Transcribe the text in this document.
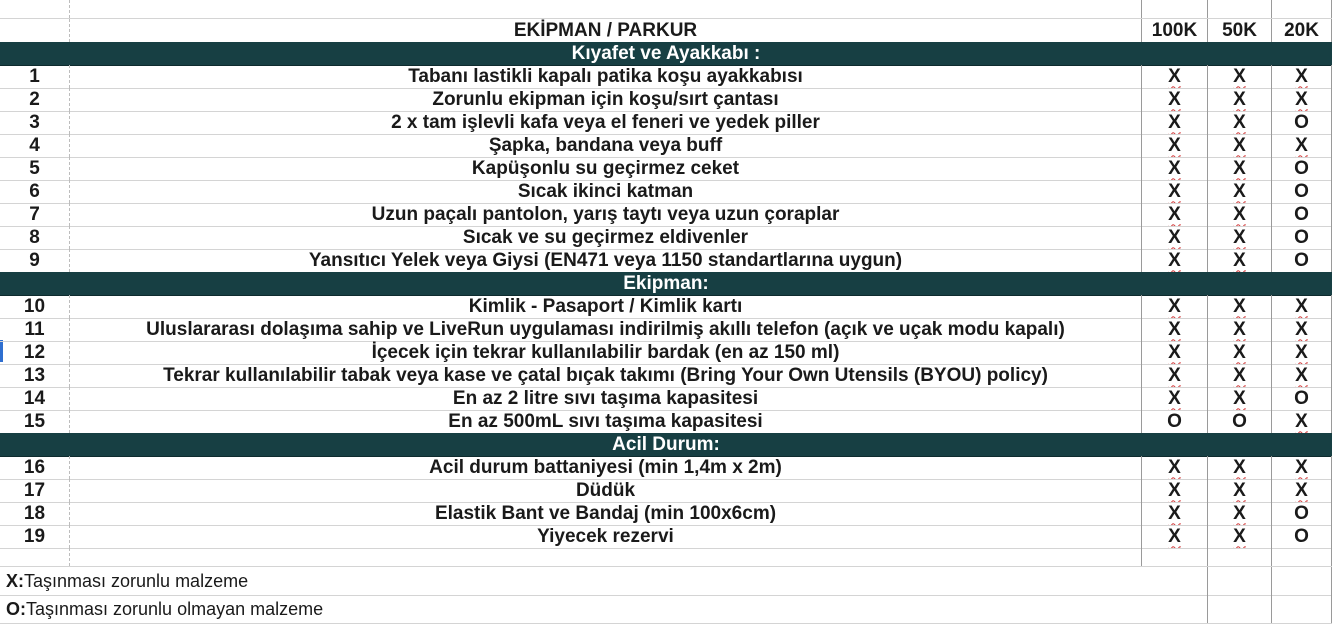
EKİPMAN / PARKUR	100K 50K 20K
Kıyafet ve Ayakkabı :
1	Tabanı lastikli kapalı patika koşu ayakkabısı	X	X	X
2	Zorunlu ekipman için koşu/sırt çantası	X	X	X
3	2 x tam işlevli kafa veya el feneri ve yedek piller	X	X	O
4	Şapka, bandana veya buff	X	X	X
5	Kapüşonlu su geçirmez ceket	X	X	O
6	Sıcak ikinci katman	X	X	O
7	Uzun paçalı pantolon, yarış taytı veya uzun çoraplar	X	X	O
8	Sıcak ve su geçirmez eldivenler	X	X	O
9	Yansıtıcı Yelek veya Giysi (EN471 veya 1150 standartlarına uygun)	X	X	O
Ekipman:
10	Kimlik - Pasaport / Kimlik kartı	X	X	X
11	Uluslararası dolaşıma sahip ve LiveRun uygulaması indirilmiş akıllı telefon (açık ve uçak modu kapalı)	X	X	X
12	İçecek için tekrar kullanılabilir bardak (en az 150 ml)	X	X	X
13	Tekrar kullanılabilir tabak veya kase ve çatal bıçak takımı (Bring Your Own Utensils (BYOU) policy)	X	X	X
14	En az 2 litre sıvı taşıma kapasitesi	X	X	O
15	En az 500mL sıvı taşıma kapasitesi	O	O	X
Acil Durum:
16	Acil durum battaniyesi (min 1,4m x 2m)	X	X	X
17	Düdük	X	X	X
18	Elastik Bant ve Bandaj (min 100x6cm)	X	X	O
19	Yiyecek rezervi	X	X	O
X: Taşınması zorunlu malzeme
O: Taşınması zorunlu olmayan malzeme
